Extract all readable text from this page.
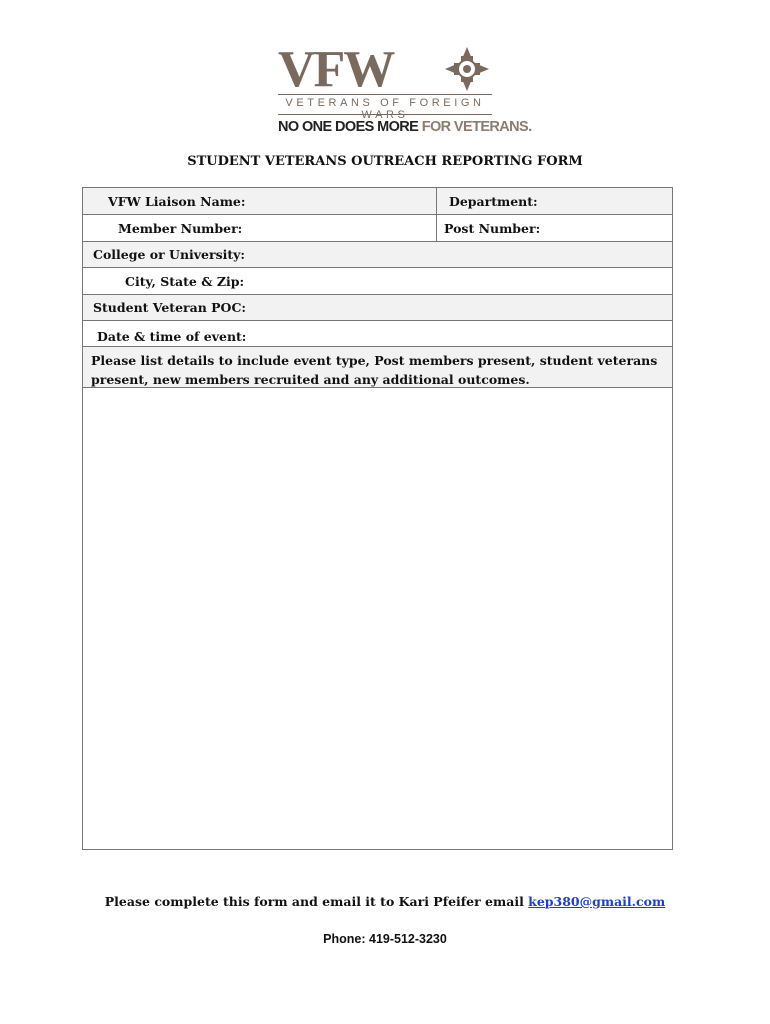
VFW
VETERANS OF FOREIGN WARS
NO ONE DOES MORE FOR VETERANS.
STUDENT VETERANS OUTREACH REPORTING FORM
VFW Liaison Name:	Department:
Member Number:	Post Number:
College or University:
City, State & Zip:
Student Veteran POC:
Date & time of event:
Please list details to include event type, Post members present, student veterans present, new members recruited and any additional outcomes.
Please complete this form and email it to Kari Pfeifer email kep380@gmail.com
Phone: 419-512-3230
